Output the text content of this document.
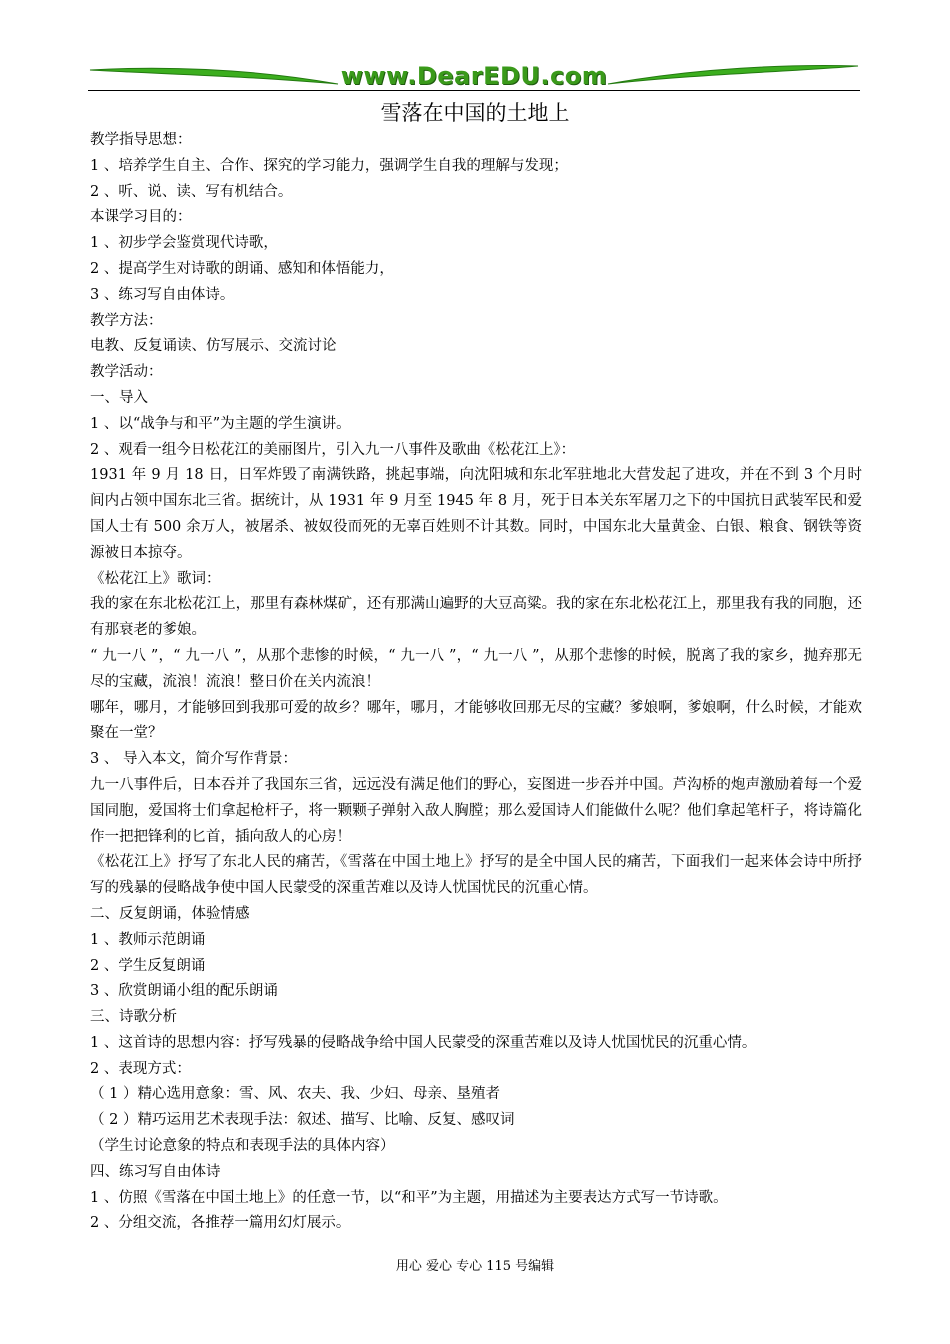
www.DearEDU.com
雪落在中国的土地上

教学指导思想：

1 、培养学生自主、合作、探究的学习能力，强调学生自我的理解与发现；

2 、听、说、读、写有机结合。

本课学习目的：

1 、初步学会鉴赏现代诗歌，

2 、提高学生对诗歌的朗诵、感知和体悟能力，

3 、练习写自由体诗。

教学方法：

电教、反复诵读、仿写展示、交流讨论

教学活动：

一、导入

1 、以“战争与和平”为主题的学生演讲。

2 、观看一组今日松花江的美丽图片，引入九一八事件及歌曲《松花江上》：

1931 年 9 月 18 日，日军炸毁了南满铁路，挑起事端，向沈阳城和东北军驻地北大营发起了进攻，并在不到 3 个月时间内占领中国东北三省。据统计，从 1931 年 9 月至 1945 年 8 月，死于日本关东军屠刀之下的中国抗日武装军民和爱国人士有 500 余万人，被屠杀、被奴役而死的无辜百姓则不计其数。同时，中国东北大量黄金、白银、粮食、钢铁等资源被日本掠夺。

《松花江上》歌词：

我的家在东北松花江上，那里有森林煤矿，还有那满山遍野的大豆高粱。我的家在东北松花江上，那里我有我的同胞，还有那衰老的爹娘。

“ 九一八 ”，“ 九一八 ”，从那个悲惨的时候，“ 九一八 ”，“ 九一八 ”，从那个悲惨的时候，脱离了我的家乡，抛弃那无尽的宝藏，流浪！流浪！整日价在关内流浪！

哪年，哪月，才能够回到我那可爱的故乡？哪年，哪月，才能够收回那无尽的宝藏？爹娘啊，爹娘啊，什么时候，才能欢聚在一堂？

3 、 导入本文，简介写作背景：

九一八事件后，日本吞并了我国东三省，远远没有满足他们的野心，妄图进一步吞并中国。芦沟桥的炮声激励着每一个爱国同胞，爱国将士们拿起枪杆子，将一颗颗子弹射入敌人胸膛；那么爱国诗人们能做什么呢？他们拿起笔杆子，将诗篇化作一把把锋利的匕首，插向敌人的心房！

《松花江上》抒写了东北人民的痛苦，《雪落在中国土地上》抒写的是全中国人民的痛苦，下面我们一起来体会诗中所抒写的残暴的侵略战争使中国人民蒙受的深重苦难以及诗人忧国忧民的沉重心情。

二、反复朗诵，体验情感

1 、教师示范朗诵

2 、学生反复朗诵

3 、欣赏朗诵小组的配乐朗诵

三、诗歌分析

1 、这首诗的思想内容：抒写残暴的侵略战争给中国人民蒙受的深重苦难以及诗人忧国忧民的沉重心情。

2 、表现方式：

（ 1 ）精心选用意象：雪、风、农夫、我、少妇、母亲、垦殖者

（ 2 ）精巧运用艺术表现手法：叙述、描写、比喻、反复、感叹词

（学生讨论意象的特点和表现手法的具体内容）

四、练习写自由体诗

1 、仿照《雪落在中国土地上》的任意一节，以“和平”为主题，用描述为主要表达方式写一节诗歌。

2 、分组交流，各推荐一篇用幻灯展示。

用心 爱心 专心 115 号编辑
